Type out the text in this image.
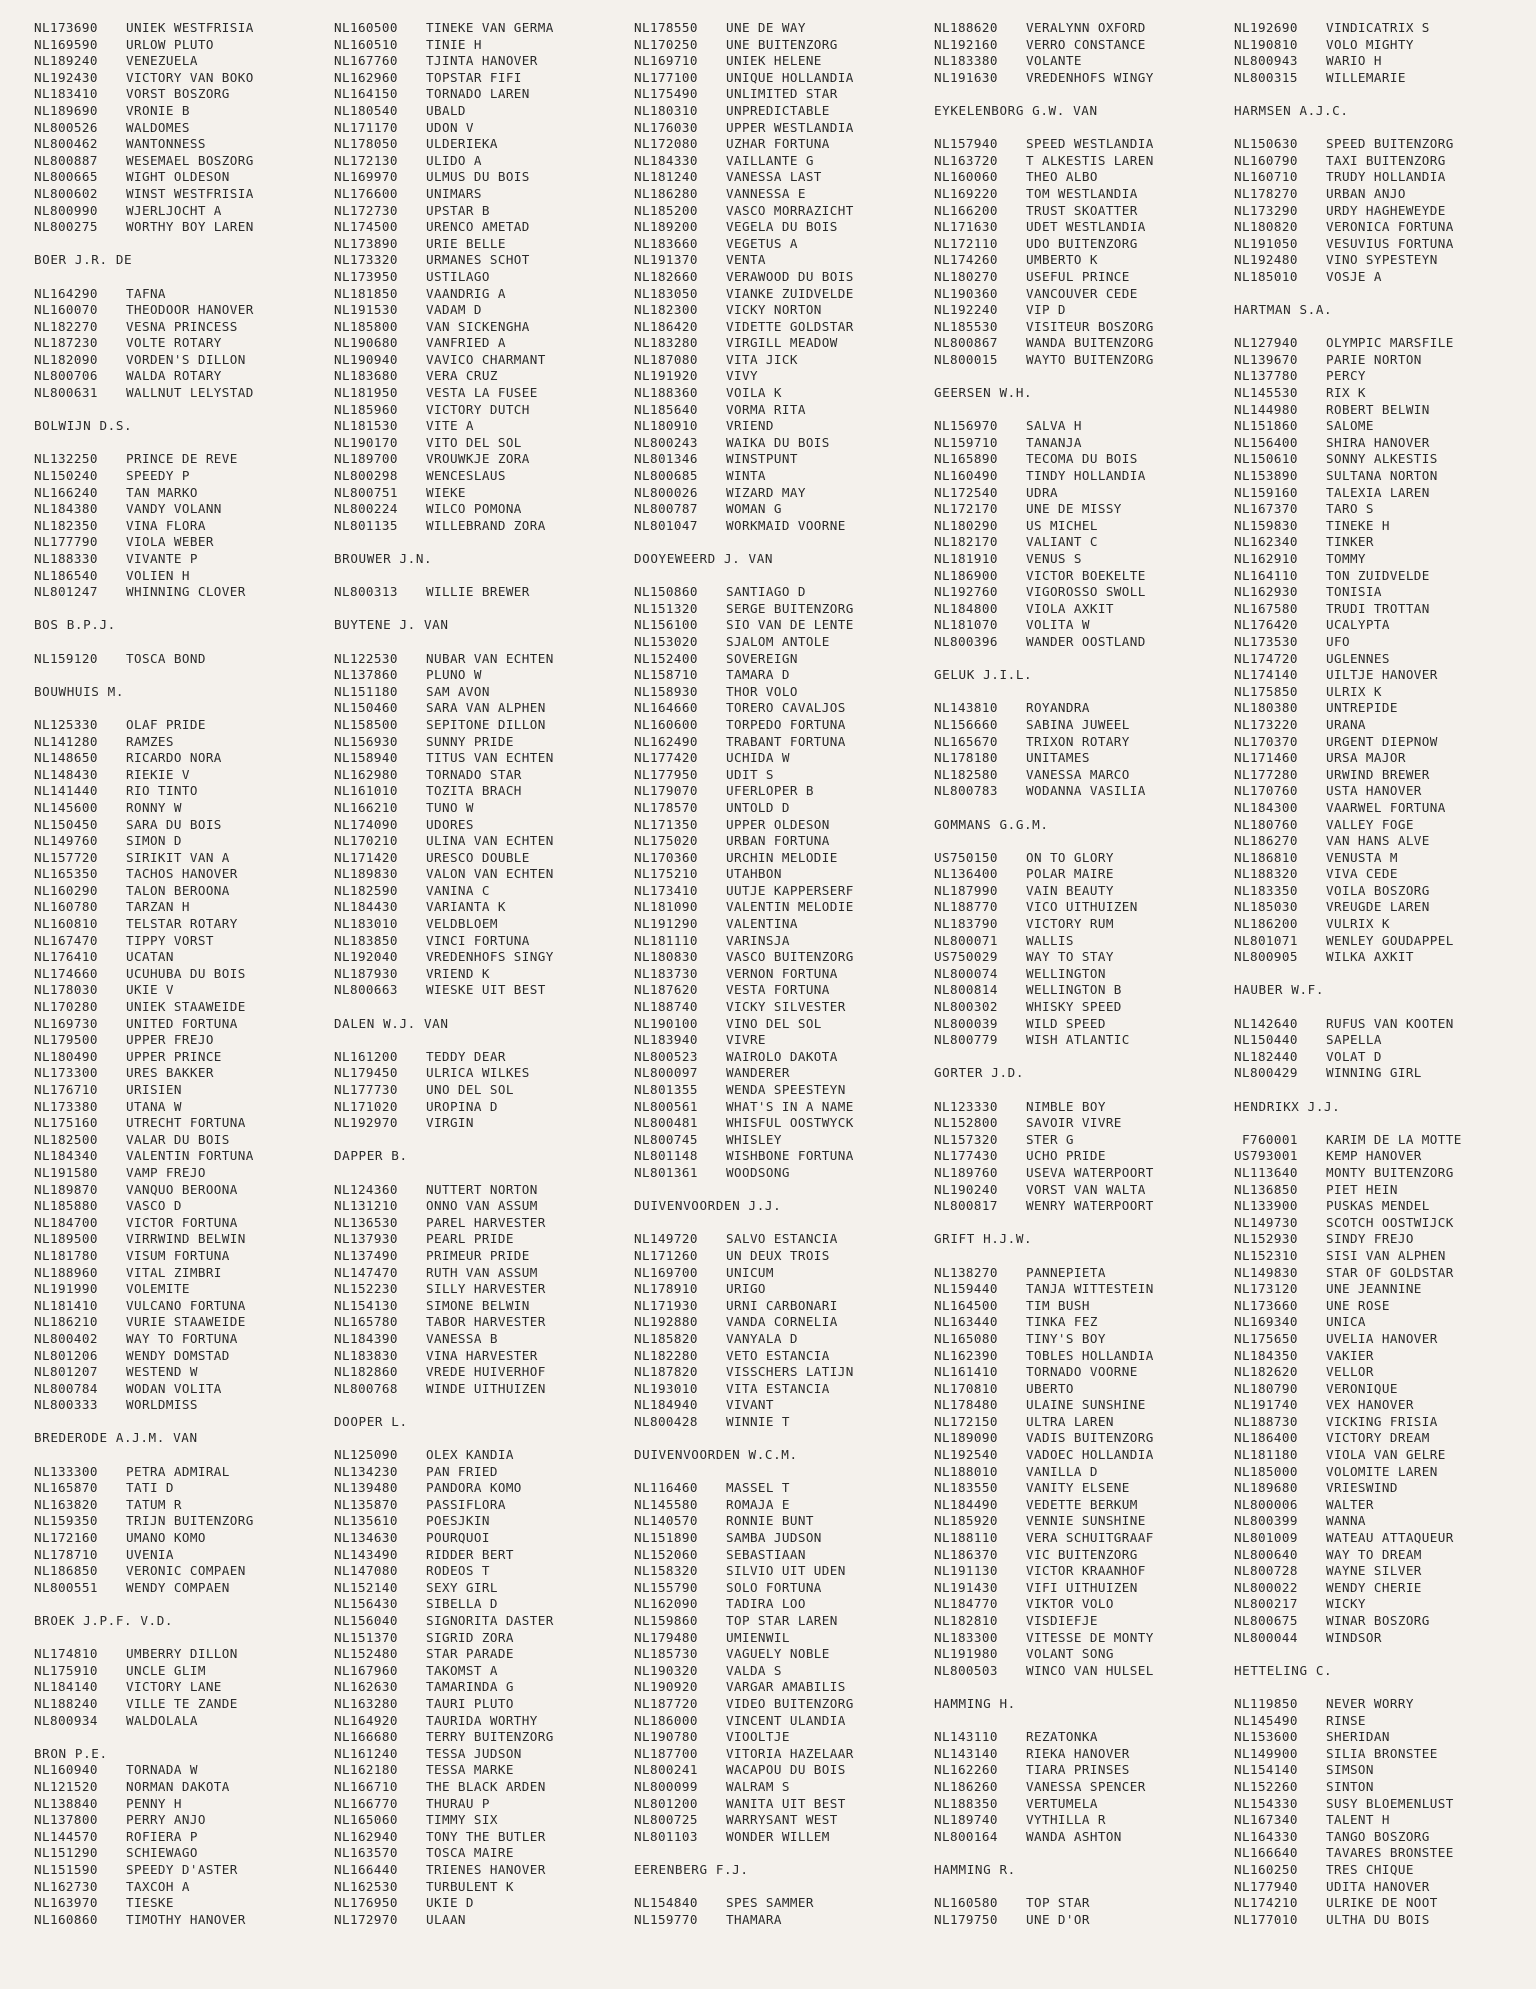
NL173690 UNIEK WESTFRISIA
NL169590 URLOW PLUTO
NL189240 VENEZUELA
NL192430 VICTORY VAN BOKO
NL183410 VORST BOSZORG
NL189690 VRONIE B
NL800526 WALDOMES
NL800462 WANTONNESS
NL800887 WESEMAEL BOSZORG
NL800665 WIGHT OLDESON
NL800602 WINST WESTFRISIA
NL800990 WJERLJOCHT A
NL800275 WORTHY BOY LAREN
BOER J.R. DE
NL164290 TAFNA
NL160070 THEODOOR HANOVER
NL182270 VESNA PRINCESS
NL187230 VOLTE ROTARY
NL182090 VORDEN'S DILLON
NL800706 WALDA ROTARY
NL800631 WALLNUT LELYSTAD
BOLWIJN D.S.
NL132250 PRINCE DE REVE
NL150240 SPEEDY P
NL166240 TAN MARKO
NL184380 VANDY VOLANN
NL182350 VINA FLORA
NL177790 VIOLA WEBER
NL188330 VIVANTE P
NL186540 VOLIEN H
NL801247 WHINNING CLOVER
BOS B.P.J.
NL159120 TOSCA BOND
BOUWHUIS M.
NL125330 OLAF PRIDE
NL141280 RAMZES
NL148650 RICARDO NORA
NL148430 RIEKIE V
NL141440 RIO TINTO
NL145600 RONNY W
NL150450 SARA DU BOIS
NL149760 SIMON D
NL157720 SIRIKIT VAN A
NL165350 TACHOS HANOVER
NL160290 TALON BEROONA
NL160780 TARZAN H
NL160810 TELSTAR ROTARY
NL167470 TIPPY VORST
NL176410 UCATAN
NL174660 UCUHUBA DU BOIS
NL178030 UKIE V
NL170280 UNIEK STAAWEIDE
NL169730 UNITED FORTUNA
NL179500 UPPER FREJO
NL180490 UPPER PRINCE
NL173300 URES BAKKER
NL176710 URISIEN
NL173380 UTANA W
NL175160 UTRECHT FORTUNA
NL182500 VALAR DU BOIS
NL184340 VALENTIN FORTUNA
NL191580 VAMP FREJO
NL189870 VANQUO BEROONA
NL185880 VASCO D
NL184700 VICTOR FORTUNA
NL189500 VIRRWIND BELWIN
NL181780 VISUM FORTUNA
NL188960 VITAL ZIMBRI
NL191990 VOLEMITE
NL181410 VULCANO FORTUNA
NL186210 VURIE STAAWEIDE
NL800402 WAY TO FORTUNA
NL801206 WENDY DOMSTAD
NL801207 WESTEND W
NL800784 WODAN VOLITA
NL800333 WORLDMISS
BREDERODE A.J.M. VAN
NL133300 PETRA ADMIRAL
NL165870 TATI D
NL163820 TATUM R
NL159350 TRIJN BUITENZORG
NL172160 UMANO KOMO
NL178710 UVENIA
NL186850 VERONIC COMPAEN
NL800551 WENDY COMPAEN
BROEK J.P.F. V.D.
NL174810 UMBERRY DILLON
NL175910 UNCLE GLIM
NL184140 VICTORY LANE
NL188240 VILLE TE ZANDE
NL800934 WALDOLALA
BRON P.E.
NL160940 TORNADA W
NL121520 NORMAN DAKOTA
NL138840 PENNY H
NL137800 PERRY ANJO
NL144570 ROFIERA P
NL151290 SCHIEWAGO
NL151590 SPEEDY D'ASTER
NL162730 TAXCOH A
NL163970 TIESKE
NL160860 TIMOTHY HANOVER
NL160500 TINEKE VAN GERMA
NL160510 TINIE H
NL167760 TJINTA HANOVER
NL162960 TOPSTAR FIFI
NL164150 TORNADO LAREN
NL180540 UBALD
NL171170 UDON V
NL178050 ULDERIEKA
NL172130 ULIDO A
NL169970 ULMUS DU BOIS
NL176600 UNIMARS
NL172730 UPSTAR B
NL174500 URENCO AMETAD
NL173890 URIE BELLE
NL173320 URMANES SCHOT
NL173950 USTILAGO
NL181850 VAANDRIG A
NL191530 VADAM D
NL185800 VAN SICKENGHA
NL190680 VANFRIED A
NL190940 VAVICO CHARMANT
NL183680 VERA CRUZ
NL181950 VESTA LA FUSEE
NL185960 VICTORY DUTCH
NL181530 VITE A
NL190170 VITO DEL SOL
NL189700 VROUWKJE ZORA
NL800298 WENCESLAUS
NL800751 WIEKE
NL800224 WILCO POMONA
NL801135 WILLEBRAND ZORA
BROUWER J.N.
NL800313 WILLIE BREWER
BUYTENE J. VAN
NL122530 NUBAR VAN ECHTEN
NL137860 PLUNO W
NL151180 SAM AVON
NL150460 SARA VAN ALPHEN
NL158500 SEPITONE DILLON
NL156930 SUNNY PRIDE
NL158940 TITUS VAN ECHTEN
NL162980 TORNADO STAR
NL161010 TOZITA BRACH
NL166210 TUNO W
NL174090 UDORES
NL170210 ULINA VAN ECHTEN
NL171420 URESCO DOUBLE
NL189830 VALON VAN ECHTEN
NL182590 VANINA C
NL184430 VARIANTA K
NL183010 VELDBLOEM
NL183850 VINCI FORTUNA
NL192040 VREDENHOFS SINGY
NL187930 VRIEND K
NL800663 WIESKE UIT BEST
DALEN W.J. VAN
NL161200 TEDDY DEAR
NL179450 ULRICA WILKES
NL177730 UNO DEL SOL
NL171020 UROPINA D
NL192970 VIRGIN
DAPPER B.
NL124360 NUTTERT NORTON
NL131210 ONNO VAN ASSUM
NL136530 PAREL HARVESTER
NL137930 PEARL PRIDE
NL137490 PRIMEUR PRIDE
NL147470 RUTH VAN ASSUM
NL152230 SILLY HARVESTER
NL154130 SIMONE BELWIN
NL165780 TABOR HARVESTER
NL184390 VANESSA B
NL183830 VINA HARVESTER
NL182860 VREDE HUIVERHOF
NL800768 WINDE UITHUIZEN
DOOPER L.
NL125090 OLEX KANDIA
NL134230 PAN FRIED
NL139480 PANDORA KOMO
NL135870 PASSIFLORA
NL135610 POESJKIN
NL134630 POURQUOI
NL143490 RIDDER BERT
NL147080 RODEOS T
NL152140 SEXY GIRL
NL156430 SIBELLA D
NL156040 SIGNORITA DASTER
NL151370 SIGRID ZORA
NL152480 STAR PARADE
NL167960 TAKOMST A
NL162630 TAMARINDA G
NL163280 TAURI PLUTO
NL164920 TAURIDA WORTHY
NL166680 TERRY BUITENZORG
NL161240 TESSA JUDSON
NL162180 TESSA MARKE
NL166710 THE BLACK ARDEN
NL166770 THURAU P
NL165060 TIMMY SIX
NL162940 TONY THE BUTLER
NL163570 TOSCA MAIRE
NL166440 TRIENES HANOVER
NL162530 TURBULENT K
NL176950 UKIE D
NL172970 ULAAN
NL178550 UNE DE WAY
NL170250 UNE BUITENZORG
NL169710 UNIEK HELENE
NL177100 UNIQUE HOLLANDIA
NL175490 UNLIMITED STAR
NL180310 UNPREDICTABLE
NL176030 UPPER WESTLANDIA
NL172080 UZHAR FORTUNA
NL184330 VAILLANTE G
NL181240 VANESSA LAST
NL186280 VANNESSA E
NL185200 VASCO MORRAZICHT
NL189200 VEGELA DU BOIS
NL183660 VEGETUS A
NL191370 VENTA
NL182660 VERAWOOD DU BOIS
NL183050 VIANKE ZUIDVELDE
NL182300 VICKY NORTON
NL186420 VIDETTE GOLDSTAR
NL183280 VIRGILL MEADOW
NL187080 VITA JICK
NL191920 VIVY
NL188360 VOILA K
NL185640 VORMA RITA
NL180910 VRIEND
NL800243 WAIKA DU BOIS
NL801346 WINSTPUNT
NL800685 WINTA
NL800026 WIZARD MAY
NL800787 WOMAN G
NL801047 WORKMAID VOORNE
DOOYEWEERD J. VAN
NL150860 SANTIAGO D
NL151320 SERGE BUITENZORG
NL156100 SIO VAN DE LENTE
NL153020 SJALOM ANTOLE
NL152400 SOVEREIGN
NL158710 TAMARA D
NL158930 THOR VOLO
NL164660 TORERO CAVALJOS
NL160600 TORPEDO FORTUNA
NL162490 TRABANT FORTUNA
NL177420 UCHIDA W
NL177950 UDIT S
NL179070 UFERLOPER B
NL178570 UNTOLD D
NL171350 UPPER OLDESON
NL175020 URBAN FORTUNA
NL170360 URCHIN MELODIE
NL175210 UTAHBON
NL173410 UUTJE KAPPERSERF
NL181090 VALENTIN MELODIE
NL191290 VALENTINA
NL181110 VARINSJA
NL180830 VASCO BUITENZORG
NL183730 VERNON FORTUNA
NL187620 VESTA FORTUNA
NL188740 VICKY SILVESTER
NL190100 VINO DEL SOL
NL183940 VIVRE
NL800523 WAIROLO DAKOTA
NL800097 WANDERER
NL801355 WENDA SPEESTEYN
NL800561 WHAT'S IN A NAME
NL800481 WHISFUL OOSTWYCK
NL800745 WHISLEY
NL801148 WISHBONE FORTUNA
NL801361 WOODSONG
DUIVENVOORDEN J.J.
NL149720 SALVO ESTANCIA
NL171260 UN DEUX TROIS
NL169700 UNICUM
NL178910 URIGO
NL171930 URNI CARBONARI
NL192880 VANDA CORNELIA
NL185820 VANYALA D
NL182280 VETO ESTANCIA
NL187820 VISSCHERS LATIJN
NL193010 VITA ESTANCIA
NL184940 VIVANT
NL800428 WINNIE T
DUIVENVOORDEN W.C.M.
NL116460 MASSEL T
NL145580 ROMAJA E
NL140570 RONNIE BUNT
NL151890 SAMBA JUDSON
NL152060 SEBASTIAAN
NL158320 SILVIO UIT UDEN
NL155790 SOLO FORTUNA
NL162090 TADIRA LOO
NL159860 TOP STAR LAREN
NL179480 UMIENWIL
NL185730 VAGUELY NOBLE
NL190320 VALDA S
NL190920 VARGAR AMABILIS
NL187720 VIDEO BUITENZORG
NL186000 VINCENT ULANDIA
NL190780 VIOOLTJE
NL187700 VITORIA HAZELAAR
NL800241 WACAPOU DU BOIS
NL800099 WALRAM S
NL801200 WANITA UIT BEST
NL800725 WARRYSANT WEST
NL801103 WONDER WILLEM
EERENBERG F.J.
NL154840 SPES SAMMER
NL159770 THAMARA
NL188620 VERALYNN OXFORD
NL192160 VERRO CONSTANCE
NL183380 VOLANTE
NL191630 VREDENHOFS WINGY
EYKELENBORG G.W. VAN
NL157940 SPEED WESTLANDIA
NL163720 T ALKESTIS LAREN
NL160060 THEO ALBO
NL169220 TOM WESTLANDIA
NL166200 TRUST SKOATTER
NL171630 UDET WESTLANDIA
NL172110 UDO BUITENZORG
NL174260 UMBERTO K
NL180270 USEFUL PRINCE
NL190360 VANCOUVER CEDE
NL192240 VIP D
NL185530 VISITEUR BOSZORG
NL800867 WANDA BUITENZORG
NL800015 WAYTO BUITENZORG
GEERSEN W.H.
NL156970 SALVA H
NL159710 TANANJA
NL165890 TECOMA DU BOIS
NL160490 TINDY HOLLANDIA
NL172540 UDRA
NL172170 UNE DE MISSY
NL180290 US MICHEL
NL182170 VALIANT C
NL181910 VENUS S
NL186900 VICTOR BOEKELTE
NL192760 VIGOROSSO SWOLL
NL184800 VIOLA AXKIT
NL181070 VOLITA W
NL800396 WANDER OOSTLAND
GELUK J.I.L.
NL143810 ROYANDRA
NL156660 SABINA JUWEEL
NL165670 TRIXON ROTARY
NL178180 UNITAMES
NL182580 VANESSA MARCO
NL800783 WODANNA VASILIA
GOMMANS G.G.M.
US750150 ON TO GLORY
NL136400 POLAR MAIRE
NL187990 VAIN BEAUTY
NL188770 VICO UITHUIZEN
NL183790 VICTORY RUM
NL800071 WALLIS
US750029 WAY TO STAY
NL800074 WELLINGTON
NL800814 WELLINGTON B
NL800302 WHISKY SPEED
NL800039 WILD SPEED
NL800779 WISH ATLANTIC
GORTER J.D.
NL123330 NIMBLE BOY
NL152800 SAVOIR VIVRE
NL157320 STER G
NL177430 UCHO PRIDE
NL189760 USEVA WATERPOORT
NL190240 VORST VAN WALTA
NL800817 WENRY WATERPOORT
GRIFT H.J.W.
NL138270 PANNEPIETA
NL159440 TANJA WITTESTEIN
NL164500 TIM BUSH
NL163440 TINKA FEZ
NL165080 TINY'S BOY
NL162390 TOBLES HOLLANDIA
NL161410 TORNADO VOORNE
NL170810 UBERTO
NL178480 ULAINE SUNSHINE
NL172150 ULTRA LAREN
NL189090 VADIS BUITENZORG
NL192540 VADOEC HOLLANDIA
NL188010 VANILLA D
NL183550 VANITY ELSENE
NL184490 VEDETTE BERKUM
NL185920 VENNIE SUNSHINE
NL188110 VERA SCHUITGRAAF
NL186370 VIC BUITENZORG
NL191130 VICTOR KRAANHOF
NL191430 VIFI UITHUIZEN
NL184770 VIKTOR VOLO
NL182810 VISDIEFJE
NL183300 VITESSE DE MONTY
NL191980 VOLANT SONG
NL800503 WINCO VAN HULSEL
HAMMING H.
NL143110 REZATONKA
NL143140 RIEKA HANOVER
NL162260 TIARA PRINSES
NL186260 VANESSA SPENCER
NL188350 VERTUMELA
NL189740 VYTHILLA R
NL800164 WANDA ASHTON
HAMMING R.
NL160580 TOP STAR
NL179750 UNE D'OR
NL192690 VINDICATRIX S
NL190810 VOLO MIGHTY
NL800943 WARIO H
NL800315 WILLEMARIE
HARMSEN A.J.C.
NL150630 SPEED BUITENZORG
NL160790 TAXI BUITENZORG
NL160710 TRUDY HOLLANDIA
NL178270 URBAN ANJO
NL173290 URDY HAGHEWEYDE
NL180820 VERONICA FORTUNA
NL191050 VESUVIUS FORTUNA
NL192480 VINO SYPESTEYN
NL185010 VOSJE A
HARTMAN S.A.
NL127940 OLYMPIC MARSFILE
NL139670 PARIE NORTON
NL137780 PERCY
NL145530 RIX K
NL144980 ROBERT BELWIN
NL151860 SALOME
NL156400 SHIRA HANOVER
NL150610 SONNY ALKESTIS
NL153890 SULTANA NORTON
NL159160 TALEXIA LAREN
NL167370 TARO S
NL159830 TINEKE H
NL162340 TINKER
NL162910 TOMMY
NL164110 TON ZUIDVELDE
NL162930 TONISIA
NL167580 TRUDI TROTTAN
NL176420 UCALYPTA
NL173530 UFO
NL174720 UGLENNES
NL174140 UILTJE HANOVER
NL175850 ULRIX K
NL180380 UNTREPIDE
NL173220 URANA
NL170370 URGENT DIEPNOW
NL171460 URSA MAJOR
NL177280 URWIND BREWER
NL170760 USTA HANOVER
NL184300 VAARWEL FORTUNA
NL180760 VALLEY FOGE
NL186270 VAN HANS ALVE
NL186810 VENUSTA M
NL188320 VIVA CEDE
NL183350 VOILA BOSZORG
NL185030 VREUGDE LAREN
NL186200 VULRIX K
NL801071 WENLEY GOUDAPPEL
NL800905 WILKA AXKIT
HAUBER W.F.
NL142640 RUFUS VAN KOOTEN
NL150440 SAPELLA
NL182440 VOLAT D
NL800429 WINNING GIRL
HENDRIKX J.J.
F760001 KARIM DE LA MOTTE
US793001 KEMP HANOVER
NL113640 MONTY BUITENZORG
NL136850 PIET HEIN
NL133900 PUSKAS MENDEL
NL149730 SCOTCH OOSTWIJCK
NL152930 SINDY FREJO
NL152310 SISI VAN ALPHEN
NL149830 STAR OF GOLDSTAR
NL173120 UNE JEANNINE
NL173660 UNE ROSE
NL169340 UNICA
NL175650 UVELIA HANOVER
NL184350 VAKIER
NL182620 VELLOR
NL180790 VERONIQUE
NL191740 VEX HANOVER
NL188730 VICKING FRISIA
NL186400 VICTORY DREAM
NL181180 VIOLA VAN GELRE
NL185000 VOLOMITE LAREN
NL189680 VRIESWIND
NL800006 WALTER
NL800399 WANNA
NL801009 WATEAU ATTAQUEUR
NL800640 WAY TO DREAM
NL800728 WAYNE SILVER
NL800022 WENDY CHERIE
NL800217 WICKY
NL800675 WINAR BOSZORG
NL800044 WINDSOR
HETTELING C.
NL119850 NEVER WORRY
NL145490 RINSE
NL153600 SHERIDAN
NL149900 SILIA BRONSTEE
NL154140 SIMSON
NL152260 SINTON
NL154330 SUSY BLOEMENLUST
NL167340 TALENT H
NL164330 TANGO BOSZORG
NL166640 TAVARES BRONSTEE
NL160250 TRES CHIQUE
NL177940 UDITA HANOVER
NL174210 ULRIKE DE NOOT
NL177010 ULTHA DU BOIS
